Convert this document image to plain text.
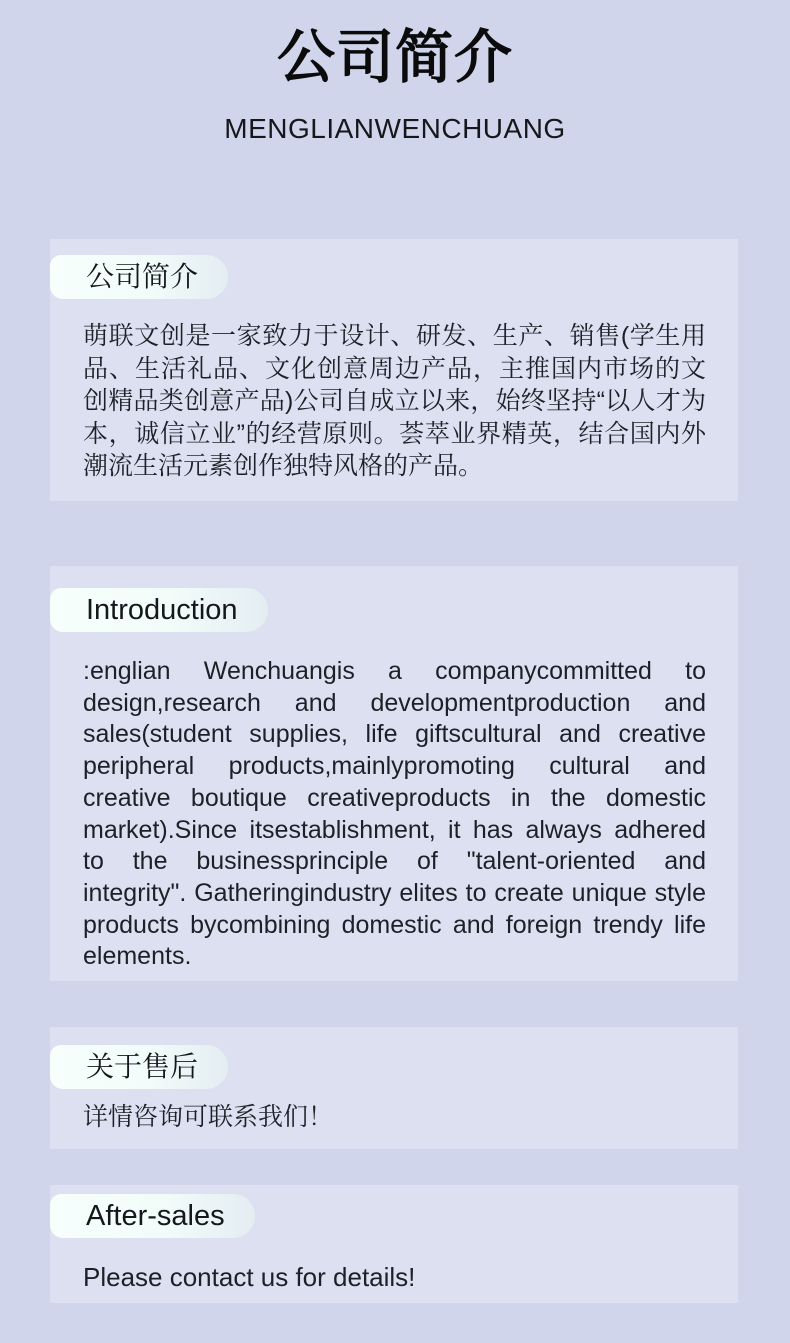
公司简介
MENGLIANWENCHUANG
公司简介

萌联文创是一家致力于设计、研发、生产、销售(学生用品、生活礼品、文化创意周边产品，主推国内市场的文创精品类创意产品)公司自成立以来，始终坚持“以人才为本，诚信立业”的经营原则。荟萃业界精英，结合国内外潮流生活元素创作独特风格的产品。

Introduction

:englian Wenchuangis a companycommitted to design,research and developmentproduction and sales(student supplies, life giftscultural and creative peripheral products,mainlypromoting cultural and creative boutique creativeproducts in the domestic market).Since itsestablishment, it has always adhered to the businessprinciple of "talent-oriented and integrity". Gatheringindustry elites to create unique style products bycombining domestic and foreign trendy life elements.

关于售后

详情咨询可联系我们！

After-sales

Please contact us for details!
